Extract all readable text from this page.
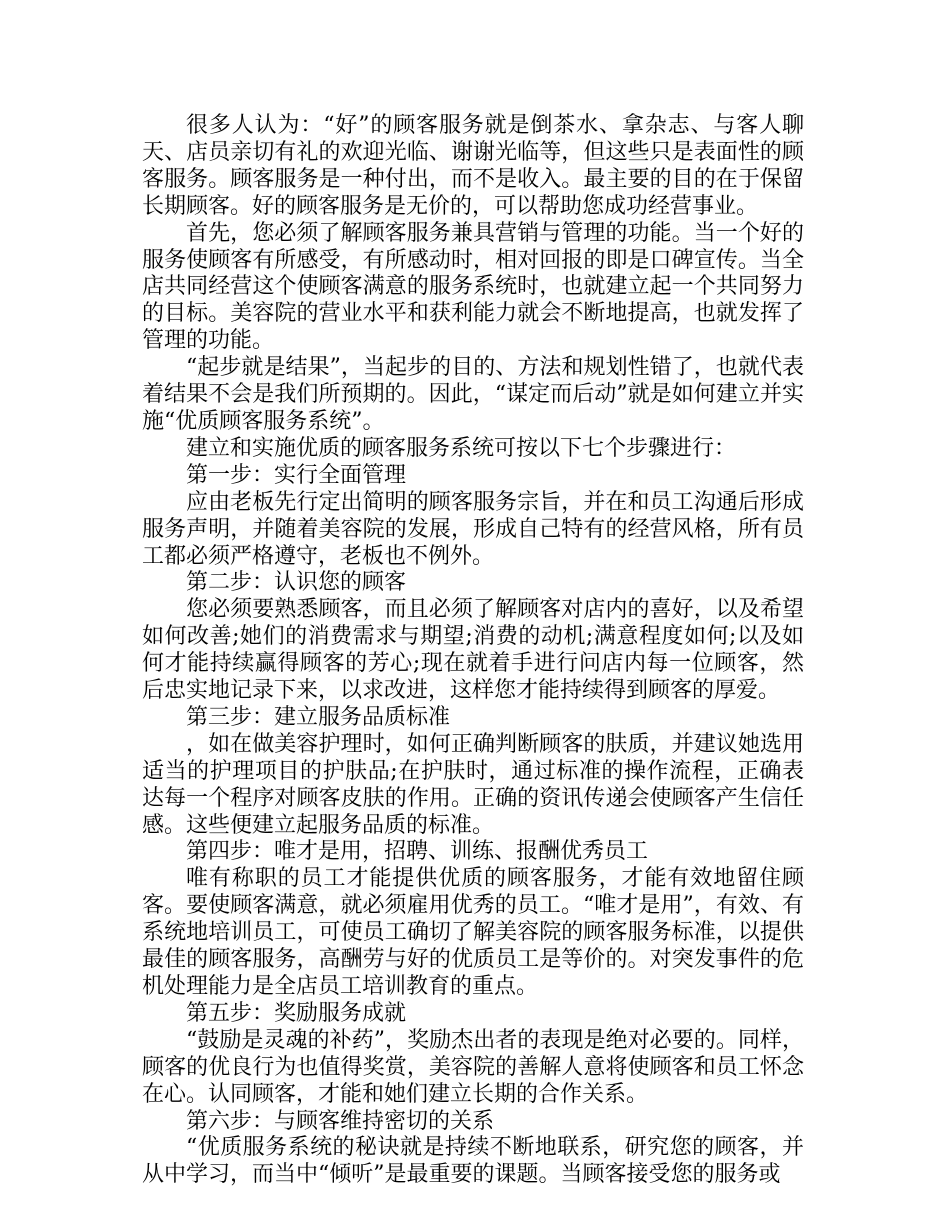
很多人认为：“好”的顾客服务就是倒茶水、拿杂志、与客人聊天、店员亲切有礼的欢迎光临、谢谢光临等，但这些只是表面性的顾客服务。顾客服务是一种付出，而不是收入。最主要的目的在于保留长期顾客。好的顾客服务是无价的，可以帮助您成功经营事业。

首先，您必须了解顾客服务兼具营销与管理的功能。当一个好的服务使顾客有所感受，有所感动时，相对回报的即是口碑宣传。当全店共同经营这个使顾客满意的服务系统时，也就建立起一个共同努力的目标。美容院的营业水平和获利能力就会不断地提高，也就发挥了管理的功能。

“起步就是结果”，当起步的目的、方法和规划性错了，也就代表着结果不会是我们所预期的。因此，“谋定而后动”就是如何建立并实施“优质顾客服务系统”。

建立和实施优质的顾客服务系统可按以下七个步骤进行：

第一步：实行全面管理

应由老板先行定出简明的顾客服务宗旨，并在和员工沟通后形成服务声明，并随着美容院的发展，形成自己特有的经营风格，所有员工都必须严格遵守，老板也不例外。

第二步：认识您的顾客

您必须要熟悉顾客，而且必须了解顾客对店内的喜好，以及希望如何改善;她们的消费需求与期望;消费的动机;满意程度如何;以及如何才能持续赢得顾客的芳心;现在就着手进行问店内每一位顾客，然后忠实地记录下来，以求改进，这样您才能持续得到顾客的厚爱。

第三步：建立服务品质标准

，如在做美容护理时，如何正确判断顾客的肤质，并建议她选用适当的护理项目的护肤品;在护肤时，通过标准的操作流程，正确表达每一个程序对顾客皮肤的作用。正确的资讯传递会使顾客产生信任感。这些便建立起服务品质的标准。

第四步：唯才是用，招聘、训练、报酬优秀员工

唯有称职的员工才能提供优质的顾客服务，才能有效地留住顾客。要使顾客满意，就必须雇用优秀的员工。“唯才是用”，有效、有系统地培训员工，可使员工确切了解美容院的顾客服务标准，以提供最佳的顾客服务，高酬劳与好的优质员工是等价的。对突发事件的危机处理能力是全店员工培训教育的重点。

第五步：奖励服务成就

“鼓励是灵魂的补药”，奖励杰出者的表现是绝对必要的。同样，顾客的优良行为也值得奖赏，美容院的善解人意将使顾客和员工怀念在心。认同顾客，才能和她们建立长期的合作关系。

第六步：与顾客维持密切的关系

“优质服务系统的秘诀就是持续不断地联系，研究您的顾客，并从中学习，而当中“倾听”是最重要的课题。当顾客接受您的服务或
